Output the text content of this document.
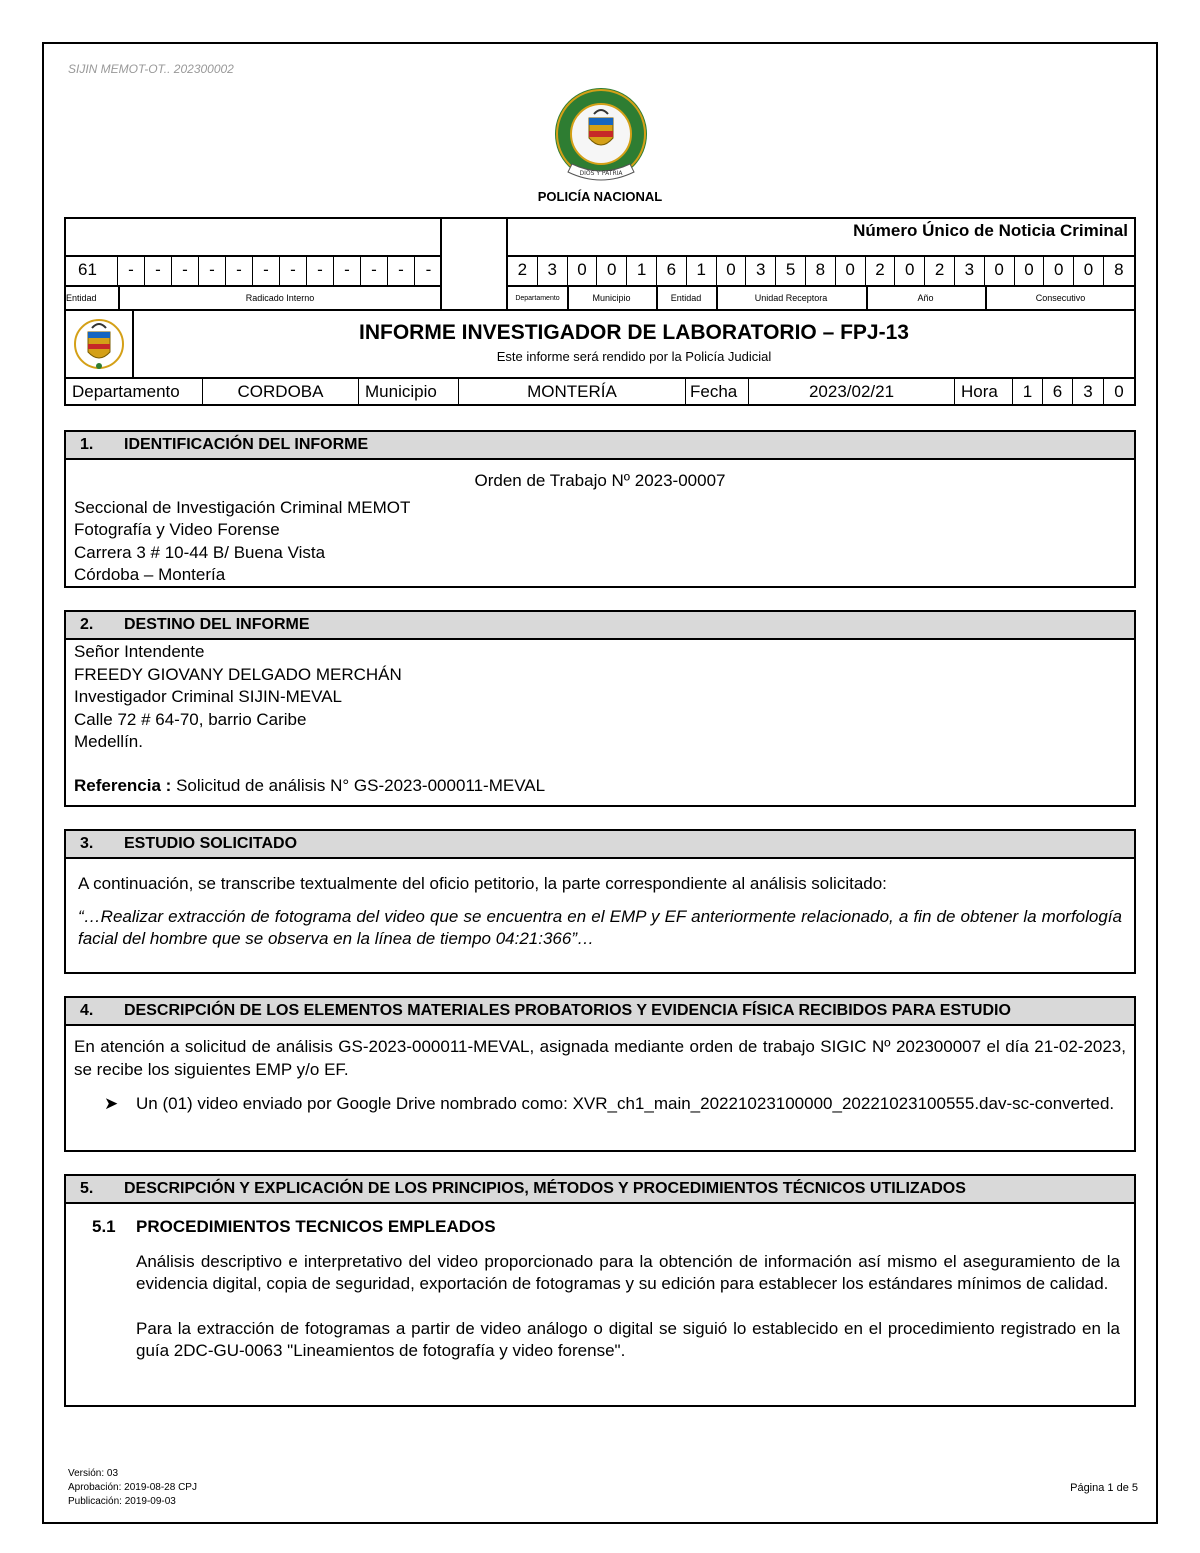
SIJIN MEMOT-OT.. 202300002
DIOS Y PATRIA
POLICÍA NACIONAL
61	-	-	-	-	-	-	-	-	-	-	-	-
Entidad	Radicado Interno
Número Único de Noticia Criminal
2	3	0	0	1	6	1	0	3	5	8	0	2	0	2	3	0	0	0	0	8
Departamento	Municipio	Entidad	Unidad Receptora	Año	Consecutivo
INFORME INVESTIGADOR DE LABORATORIO – FPJ-13
Este informe será rendido por la Policía Judicial
Departamento	CORDOBA	Municipio	MONTERÍA	Fecha	2023/02/21	Hora	1	6	3	0
1. IDENTIFICACIÓN DEL INFORME
Orden de Trabajo Nº 2023-00007
Seccional de Investigación Criminal MEMOT
Fotografía y Video Forense
Carrera 3 # 10-44 B/ Buena Vista
Córdoba – Montería
2. DESTINO DEL INFORME
Señor Intendente
FREEDY GIOVANY DELGADO MERCHÁN
Investigador Criminal SIJIN-MEVAL
Calle 72 # 64-70, barrio Caribe
Medellín.
Referencia : Solicitud de análisis N° GS-2023-000011-MEVAL
3. ESTUDIO SOLICITADO
A continuación, se transcribe textualmente del oficio petitorio, la parte correspondiente al análisis solicitado:
“…Realizar extracción de fotograma del video que se encuentra en el EMP y EF anteriormente relacionado, a fin de obtener la morfología facial del hombre que se observa en la línea de tiempo 04:21:366”…
4. DESCRIPCIÓN DE LOS ELEMENTOS MATERIALES PROBATORIOS Y EVIDENCIA FÍSICA RECIBIDOS PARA ESTUDIO
En atención a solicitud de análisis GS-2023-000011-MEVAL, asignada mediante orden de trabajo SIGIC Nº 202300007 el día 21-02-2023, se recibe los siguientes EMP y/o EF.
➤	Un (01) video enviado por Google Drive nombrado como: XVR_ch1_main_20221023100000_20221023100555.dav-sc-converted.
5. DESCRIPCIÓN Y EXPLICACIÓN DE LOS PRINCIPIOS, MÉTODOS Y PROCEDIMIENTOS TÉCNICOS UTILIZADOS
5.1 PROCEDIMIENTOS TECNICOS EMPLEADOS
Análisis descriptivo e interpretativo del video proporcionado para la obtención de información así mismo el aseguramiento de la evidencia digital, copia de seguridad, exportación de fotogramas y su edición para establecer los estándares mínimos de calidad.
Para la extracción de fotogramas a partir de video análogo o digital se siguió lo establecido en el procedimiento registrado en la guía 2DC-GU-0063 "Lineamientos de fotografía y video forense".
Versión: 03
Aprobación: 2019-08-28 CPJ
Publicación: 2019-09-03
Página 1 de 5
